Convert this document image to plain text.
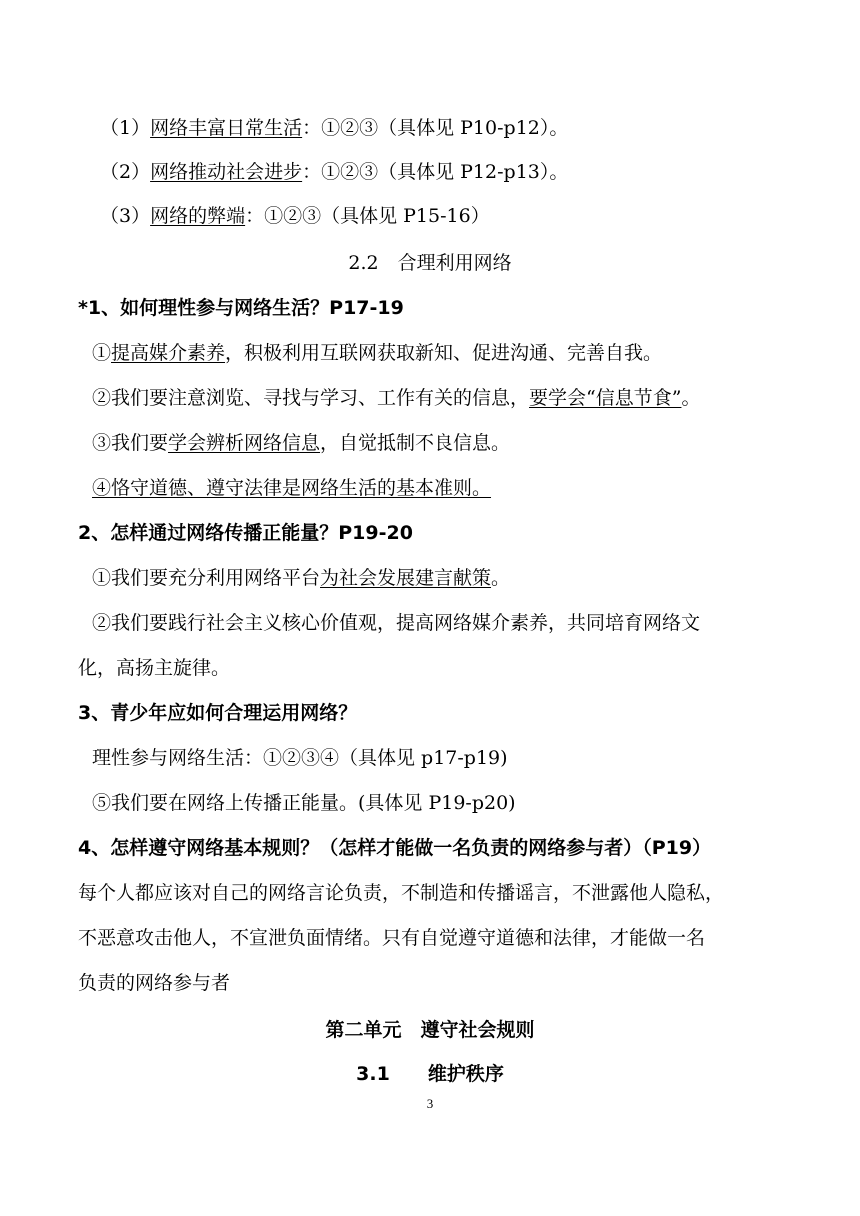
（1）网络丰富日常生活：①②③（具体见 P10-p12）。
（2）网络推动社会进步：①②③（具体见 P12-p13）。
（3）网络的弊端：①②③（具体见 P15-16）
2.2　合理利用网络
*1、如何理性参与网络生活？P17-19
①提高媒介素养，积极利用互联网获取新知、促进沟通、完善自我。
②我们要注意浏览、寻找与学习、工作有关的信息，要学会“信息节食”。
③我们要学会辨析网络信息，自觉抵制不良信息。
④恪守道德、遵守法律是网络生活的基本准则。
2、怎样通过网络传播正能量？P19-20
①我们要充分利用网络平台为社会发展建言献策。
②我们要践行社会主义核心价值观，提高网络媒介素养，共同培育网络文
化，高扬主旋律。
3、青少年应如何合理运用网络？
理性参与网络生活：①②③④（具体见 p17-p19)
⑤我们要在网络上传播正能量。(具体见 P19-p20)
4、怎样遵守网络基本规则？（怎样才能做一名负责的网络参与者）（P19）
每个人都应该对自己的网络言论负责，不制造和传播谣言，不泄露他人隐私，
不恶意攻击他人，不宣泄负面情绪。只有自觉遵守道德和法律，才能做一名
负责的网络参与者
第二单元　遵守社会规则
3.1　　维护秩序
3
